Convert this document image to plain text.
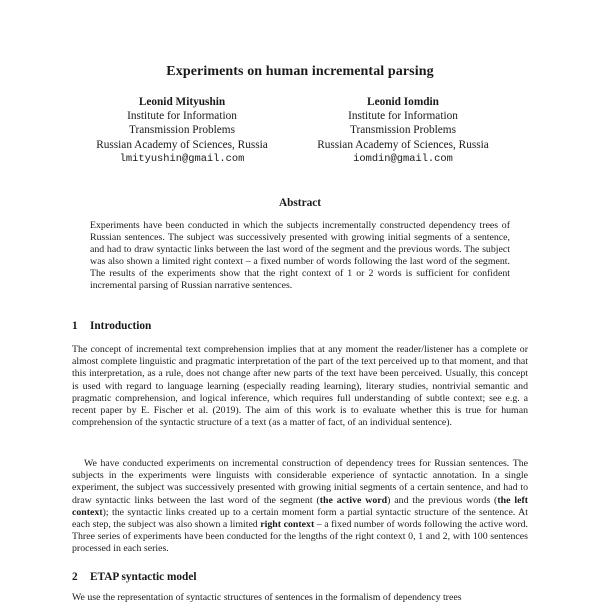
Experiments on human incremental parsing
Leonid Mityushin
Institute for Information
Transmission Problems
Russian Academy of Sciences, Russia
lmityushin@gmail.com
Leonid Iomdin
Institute for Information
Transmission Problems
Russian Academy of Sciences, Russia
iomdin@gmail.com
Abstract
Experiments have been conducted in which the subjects incrementally constructed dependency trees of Russian sentences. The subject was successively presented with growing initial segments of a sentence, and had to draw syntactic links between the last word of the segment and the previous words. The subject was also shown a limited right context – a fixed number of words following the last word of the segment. The results of the experiments show that the right context of 1 or 2 words is sufficient for confident incremental parsing of Russian narrative sentences.
1 Introduction
The concept of incremental text comprehension implies that at any moment the reader/listener has a complete or almost complete linguistic and pragmatic interpretation of the part of the text perceived up to that moment, and that this interpretation, as a rule, does not change after new parts of the text have been perceived. Usually, this concept is used with regard to language learning (especially reading learning), literary studies, nontrivial semantic and pragmatic comprehension, and logical inference, which requires full understanding of subtle context; see e.g. a recent paper by E. Fischer et al. (2019). The aim of this work is to evaluate whether this is true for human comprehension of the syntactic structure of a text (as a matter of fact, of an individual sentence).
We have conducted experiments on incremental construction of dependency trees for Russian sentences. The subjects in the experiments were linguists with considerable experience of syntactic annotation. In a single experiment, the subject was successively presented with growing initial segments of a certain sentence, and had to draw syntactic links between the last word of the segment (the active word) and the previous words (the left context); the syntactic links created up to a certain moment form a partial syntactic structure of the sentence. At each step, the subject was also shown a limited right context – a fixed number of words following the active word. Three series of experiments have been conducted for the lengths of the right context 0, 1 and 2, with 100 sentences processed in each series.
2 ETAP syntactic model
We use the representation of syntactic structures of sentences in the formalism of dependency trees
